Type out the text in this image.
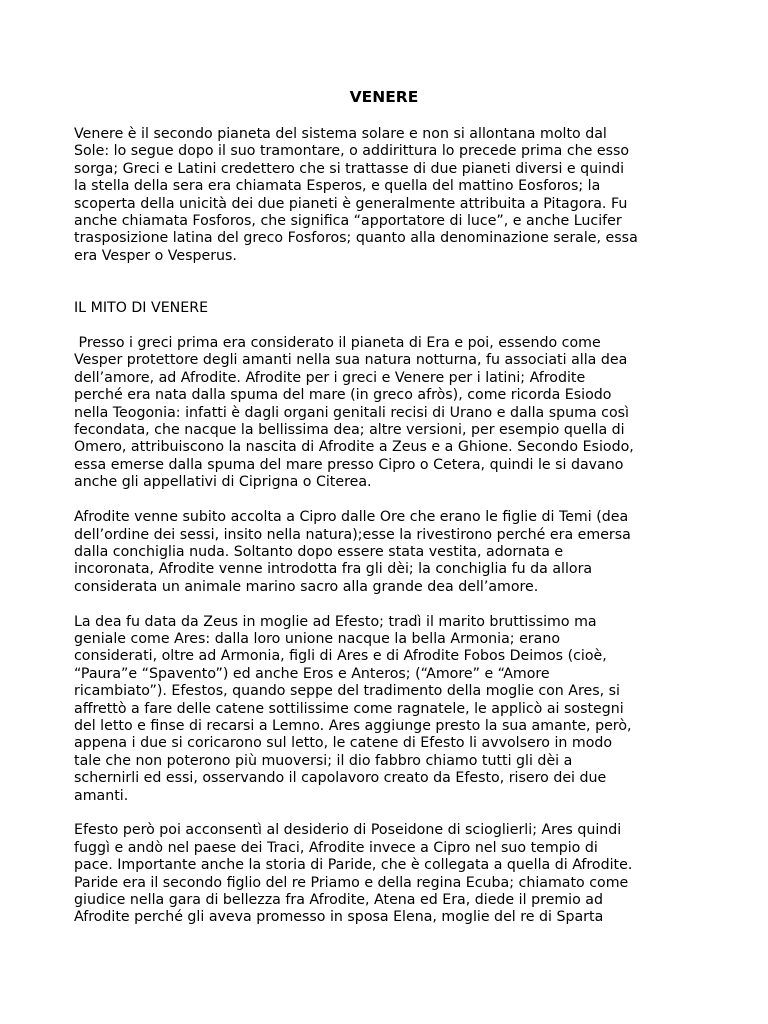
VENERE

Venere è il secondo pianeta del sistema solare e non si allontana molto dal
Sole: lo segue dopo il suo tramontare, o addirittura lo precede prima che esso
sorga; Greci e Latini credettero che si trattasse di due pianeti diversi e quindi
la stella della sera era chiamata Esperos, e quella del mattino Eosforos; la
scoperta della unicità dei due pianeti è generalmente attribuita a Pitagora. Fu
anche chiamata Fosforos, che significa “apportatore di luce”, e anche Lucifer
trasposizione latina del greco Fosforos; quanto alla denominazione serale, essa
era Vesper o Vesperus.

IL MITO DI VENERE

Presso i greci prima era considerato il pianeta di Era e poi, essendo come
Vesper protettore degli amanti nella sua natura notturna, fu associati alla dea
dell’amore, ad Afrodite. Afrodite per i greci e Venere per i latini; Afrodite
perché era nata dalla spuma del mare (in greco afròs), come ricorda Esiodo
nella Teogonia: infatti è dagli organi genitali recisi di Urano e dalla spuma così
fecondata, che nacque la bellissima dea; altre versioni, per esempio quella di
Omero, attribuiscono la nascita di Afrodite a Zeus e a Ghione. Secondo Esiodo,
essa emerse dalla spuma del mare presso Cipro o Cetera, quindi le si davano
anche gli appellativi di Ciprigna o Citerea.

Afrodite venne subito accolta a Cipro dalle Ore che erano le figlie di Temi (dea
dell’ordine dei sessi, insito nella natura);esse la rivestirono perché era emersa
dalla conchiglia nuda. Soltanto dopo essere stata vestita, adornata e
incoronata, Afrodite venne introdotta fra gli dèi; la conchiglia fu da allora
considerata un animale marino sacro alla grande dea dell’amore.

La dea fu data da Zeus in moglie ad Efesto; tradì il marito bruttissimo ma
geniale come Ares: dalla loro unione nacque la bella Armonia; erano
considerati, oltre ad Armonia, figli di Ares e di Afrodite Fobos Deimos (cioè,
“Paura”e “Spavento”) ed anche Eros e Anteros; (“Amore” e “Amore
ricambiato”). Efestos, quando seppe del tradimento della moglie con Ares, si
affrettò a fare delle catene sottilissime come ragnatele, le applicò ai sostegni
del letto e finse di recarsi a Lemno. Ares aggiunge presto la sua amante, però,
appena i due si coricarono sul letto, le catene di Efesto li avvolsero in modo
tale che non poterono più muoversi; il dio fabbro chiamo tutti gli dèi a
schernirli ed essi, osservando il capolavoro creato da Efesto, risero dei due
amanti.

Efesto però poi acconsentì al desiderio di Poseidone di scioglierli; Ares quindi
fuggì e andò nel paese dei Traci, Afrodite invece a Cipro nel suo tempio di
pace. Importante anche la storia di Paride, che è collegata a quella di Afrodite.
Paride era il secondo figlio del re Priamo e della regina Ecuba; chiamato come
giudice nella gara di bellezza fra Afrodite, Atena ed Era, diede il premio ad
Afrodite perché gli aveva promesso in sposa Elena, moglie del re di Sparta
